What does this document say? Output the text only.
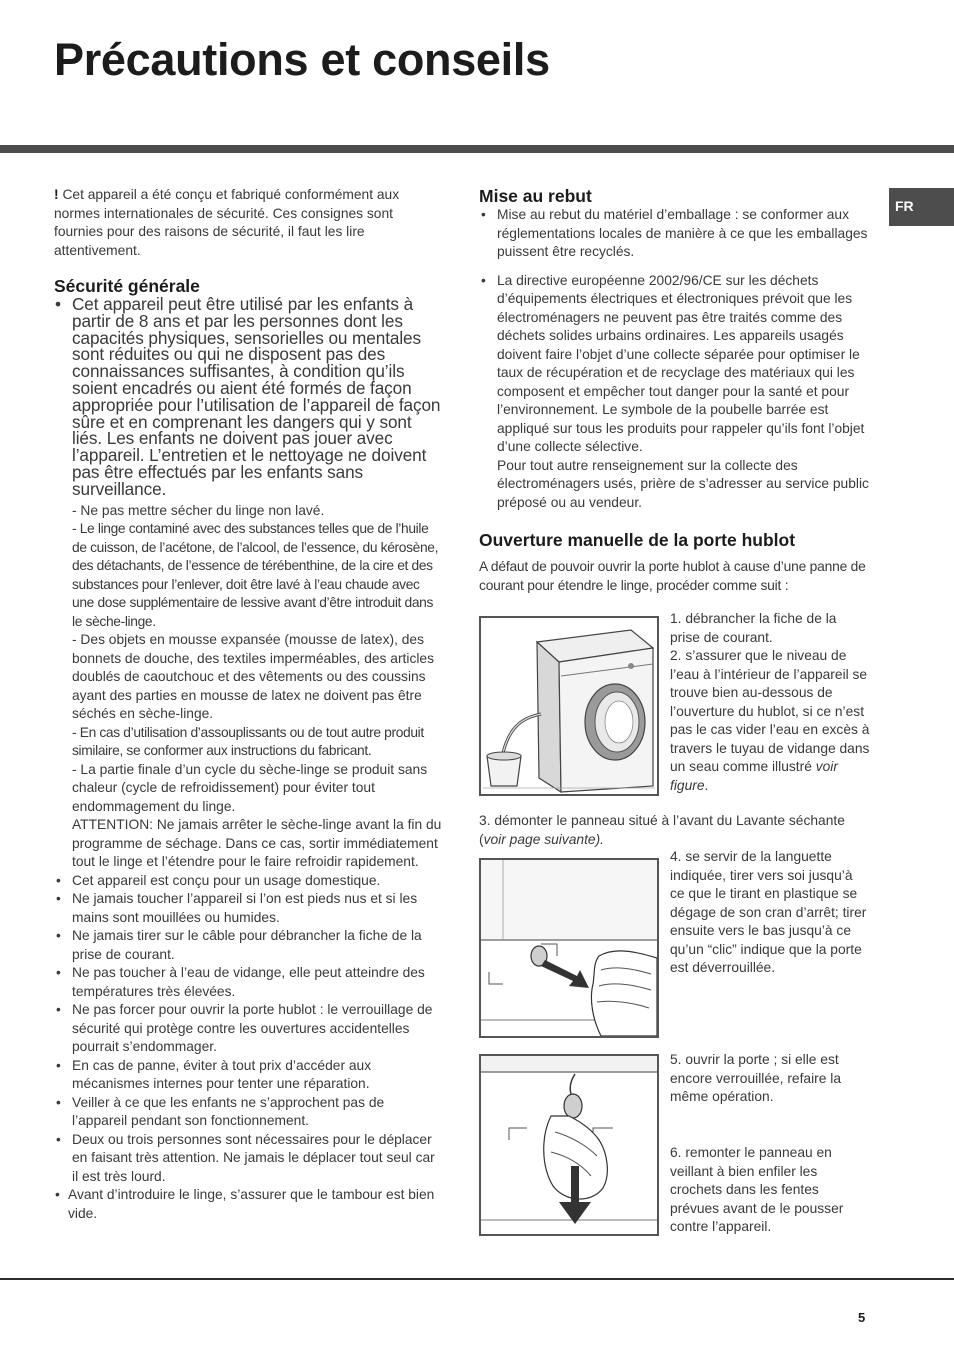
Précautions et conseils
FR

! Cet appareil a été conçu et fabriqué conformément aux normes internationales de sécurité. Ces consignes sont fournies pour des raisons de sécurité, il faut les lire attentivement.

Sécurité générale
• Cet appareil peut être utilisé par les enfants à partir de 8 ans et par les personnes dont les capacités physiques, sensorielles ou mentales sont réduites ou qui ne disposent pas des connaissances suffisantes, à condition qu’ils soient encadrés ou aient été formés de façon appropriée pour l’utilisation de l’appareil de façon sûre et en comprenant les dangers qui y sont liés. Les enfants ne doivent pas jouer avec l’appareil. L’entretien et le nettoyage ne doivent pas être effectués par les enfants sans surveillance.

- Ne pas mettre sécher du linge non lavé.

- Le linge contaminé avec des substances telles que de l’huile de cuisson, de l’acétone, de l’alcool, de l’essence, du kérosène, des détachants, de l’essence de térébenthine, de la cire et des substances pour l’enlever, doit être lavé à l’eau chaude avec une dose supplémentaire de lessive avant d’être introduit dans le sèche-linge.

- Des objets en mousse expansée (mousse de latex), des bonnets de douche, des textiles imperméables, des articles doublés de caoutchouc et des vêtements ou des coussins ayant des parties en mousse de latex ne doivent pas être séchés en sèche-linge.

- En cas d’utilisation d’assouplissants ou de tout autre produit similaire, se conformer aux instructions du fabricant.

- La partie finale d’un cycle du sèche-linge se produit sans chaleur (cycle de refroidissement) pour éviter tout endommagement du linge.

ATTENTION: Ne jamais arrêter le sèche-linge avant la fin du programme de séchage. Dans ce cas, sortir immédiatement tout le linge et l’étendre pour le faire refroidir rapidement.

• Cet appareil est conçu pour un usage domestique.
• Ne jamais toucher l’appareil si l’on est pieds nus et si les mains sont mouillées ou humides.
• Ne jamais tirer sur le câble pour débrancher la fiche de la prise de courant.
• Ne pas toucher à l’eau de vidange, elle peut atteindre des températures très élevées.
• Ne pas forcer pour ouvrir la porte hublot : le verrouillage de sécurité qui protège contre les ouvertures accidentelles pourrait s’endommager.
• En cas de panne, éviter à tout prix d’accéder aux mécanismes internes pour tenter une réparation.
• Veiller à ce que les enfants ne s’approchent pas de l’appareil pendant son fonctionnement.
• Deux ou trois personnes sont nécessaires pour le déplacer en faisant très attention. Ne jamais le déplacer tout seul car il est très lourd.
• Avant d’introduire le linge, s’assurer que le tambour est bien vide.
Mise au rebut
• Mise au rebut du matériel d’emballage : se conformer aux réglementations locales de manière à ce que les emballages puissent être recyclés.
• La directive européenne 2002/96/CE sur les déchets d’équipements électriques et électroniques prévoit que les électroménagers ne peuvent pas être traités comme des déchets solides urbains ordinaires. Les appareils usagés doivent faire l’objet d’une collecte séparée pour optimiser le taux de récupération et de recyclage des matériaux qui les composent et empêcher tout danger pour la santé et pour l’environnement. Le symbole de la poubelle barrée est appliqué sur tous les produits pour rappeler qu’ils font l’objet d’une collecte sélective.
Pour tout autre renseignement sur la collecte des électroménagers usés, prière de s’adresser au service public préposé ou au vendeur.
Ouverture manuelle de la porte hublot

A défaut de pouvoir ouvrir la porte hublot à cause d’une panne de courant pour étendre le linge, procéder comme suit :

1. débrancher la fiche de la prise de courant.
2. s’assurer que le niveau de l’eau à l’intérieur de l’appareil se trouve bien au-dessous de l’ouverture du hublot, si ce n’est pas le cas vider l’eau en excès à travers le tuyau de vidange dans un seau comme illustré voir figure.

3. démonter le panneau situé à l’avant du Lavante séchante (voir page suivante).

4. se servir de la languette indiquée, tirer vers soi jusqu’à ce que le tirant en plastique se dégage de son cran d’arrêt; tirer ensuite vers le bas jusqu’à ce qu’un “clic” indique que la porte est déverrouillée.

5. ouvrir la porte ; si elle est encore verrouillée, refaire la même opération.

6. remonter le panneau en veillant à bien enfiler les crochets dans les fentes prévues avant de le pousser contre l’appareil.

5
